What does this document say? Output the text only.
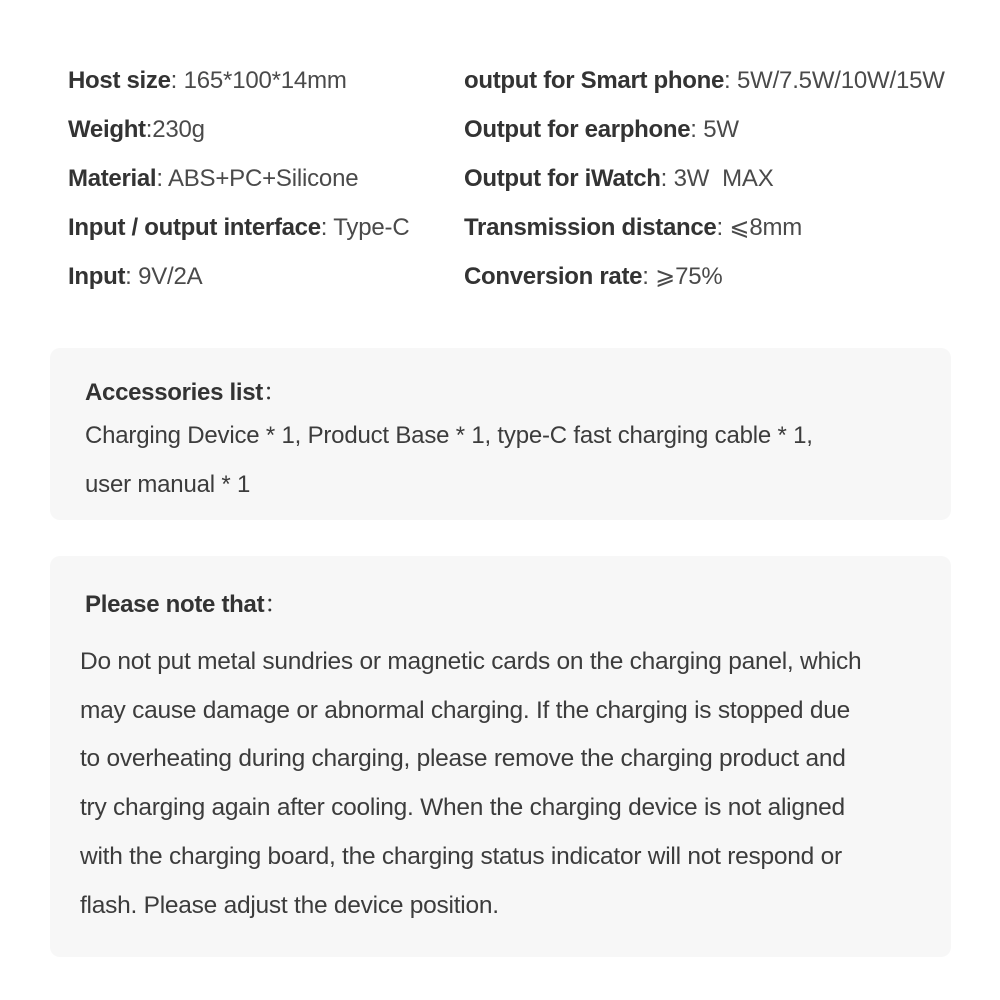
Host size: 165*100*14mm
Weight:230g
Material: ABS+PC+Silicone
Input / output interface: Type-C
Input: 9V/2A
output for Smart phone: 5W/7.5W/10W/15W
Output for earphone: 5W
Output for iWatch: 3W  MAX
Transmission distance: ⩽8mm
Conversion rate: ⩾75%
Accessories list：
Charging Device * 1, Product Base * 1, type-C fast charging cable * 1,
user manual * 1
Please note that：
Do not put metal sundries or magnetic cards on the charging panel, which
may cause damage or abnormal charging. If the charging is stopped due
to overheating during charging, please remove the charging product and
try charging again after cooling. When the charging device is not aligned
with the charging board, the charging status indicator will not respond or
flash. Please adjust the device position.
